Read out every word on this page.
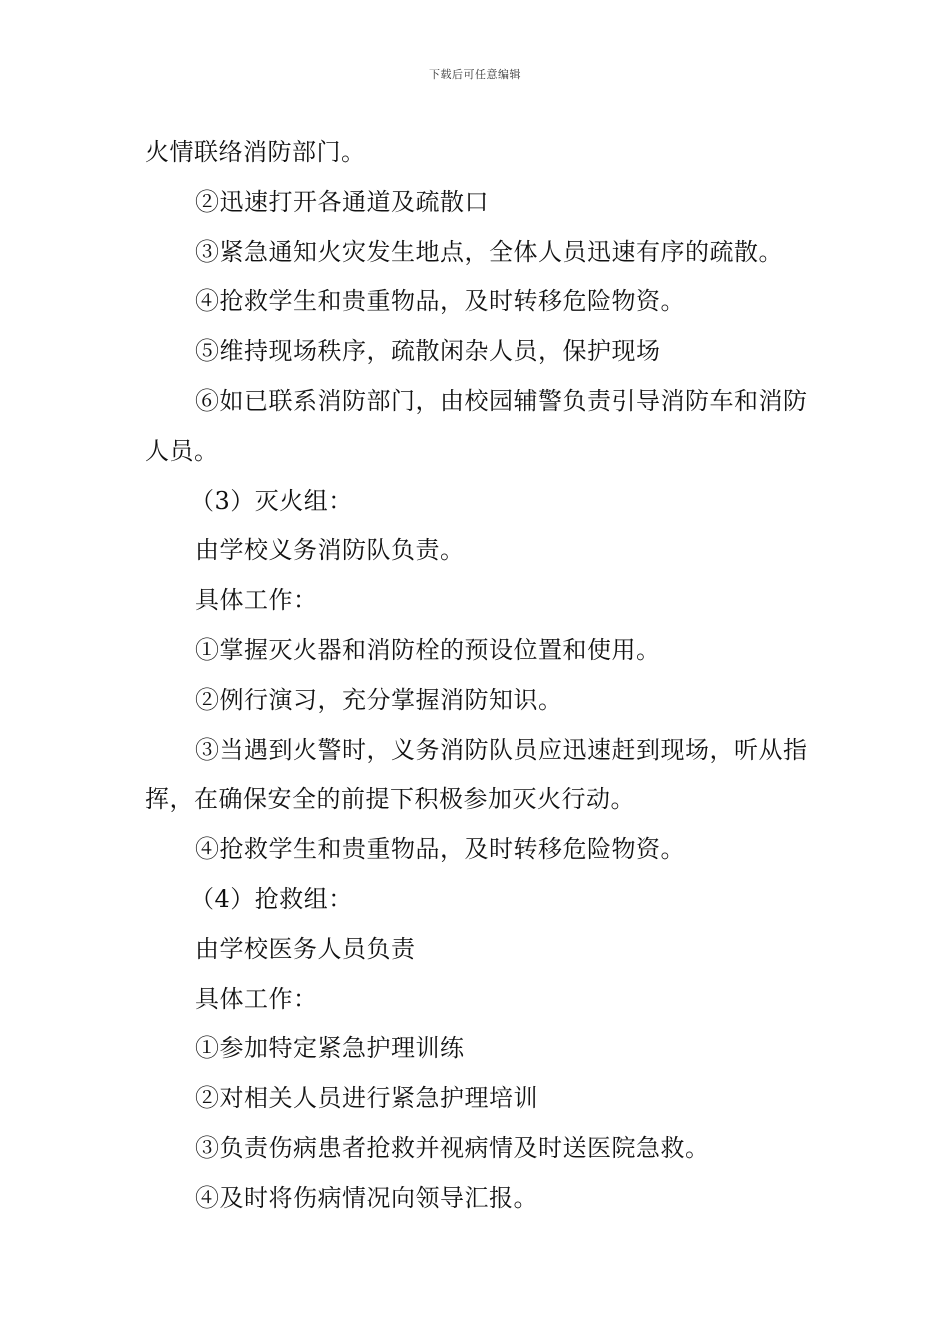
下载后可任意编辑

火情联络消防部门。

②迅速打开各通道及疏散口

③紧急通知火灾发生地点，全体人员迅速有序的疏散。

④抢救学生和贵重物品，及时转移危险物资。

⑤维持现场秩序，疏散闲杂人员，保护现场

⑥如已联系消防部门，由校园辅警负责引导消防车和消防人员。

（3）灭火组：

由学校义务消防队负责。

具体工作：

①掌握灭火器和消防栓的预设位置和使用。

②例行演习，充分掌握消防知识。

③当遇到火警时，义务消防队员应迅速赶到现场，听从指挥，在确保安全的前提下积极参加灭火行动。

④抢救学生和贵重物品，及时转移危险物资。

（4）抢救组：

由学校医务人员负责

具体工作：

①参加特定紧急护理训练

②对相关人员进行紧急护理培训

③负责伤病患者抢救并视病情及时送医院急救。

④及时将伤病情况向领导汇报。
